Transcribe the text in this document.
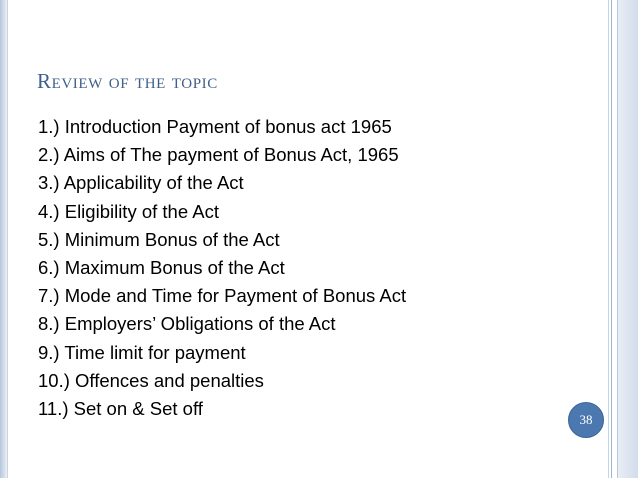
Review of the topic
1.) Introduction Payment of bonus act 1965
2.) Aims of The payment of Bonus Act, 1965
3.) Applicability of the Act
4.) Eligibility of the Act
5.) Minimum Bonus of the Act
6.) Maximum Bonus of the Act
7.) Mode and Time for Payment of Bonus Act
8.) Employers’ Obligations of the Act
9.) Time limit for payment
10.) Offences and penalties
11.) Set on & Set off
38
